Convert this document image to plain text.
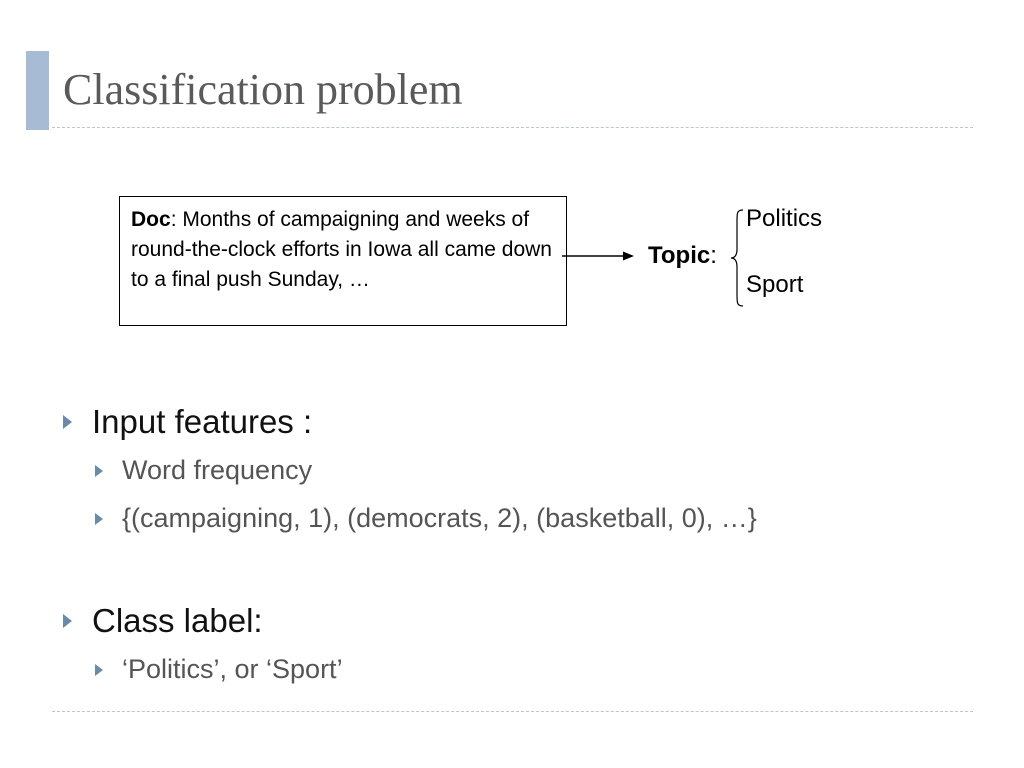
Classification problem
Doc: Months of campaigning and weeks of round-the-clock efforts in Iowa all came down to a final push Sunday, …
Topic:
Politics
Sport
Input features :
Word frequency
{(campaigning, 1), (democrats, 2), (basketball, 0), …}
Class label:
‘Politics’, or ‘Sport’
